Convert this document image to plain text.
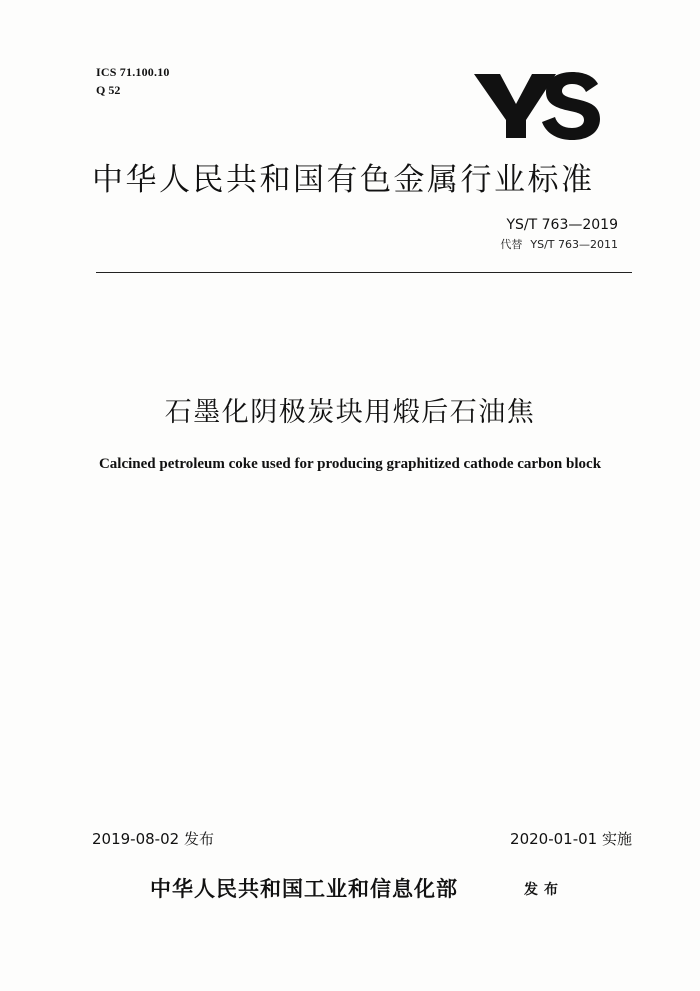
ICS 71.100.10
Q 52
中华人民共和国有色金属行业标准
YS/T 763—2019
代替 YS/T 763—2011
石墨化阴极炭块用煅后石油焦
Calcined petroleum coke used for producing graphitized cathode carbon block
2019-08-02 发布	2020-01-01 实施
中华人民共和国工业和信息化部	发布
